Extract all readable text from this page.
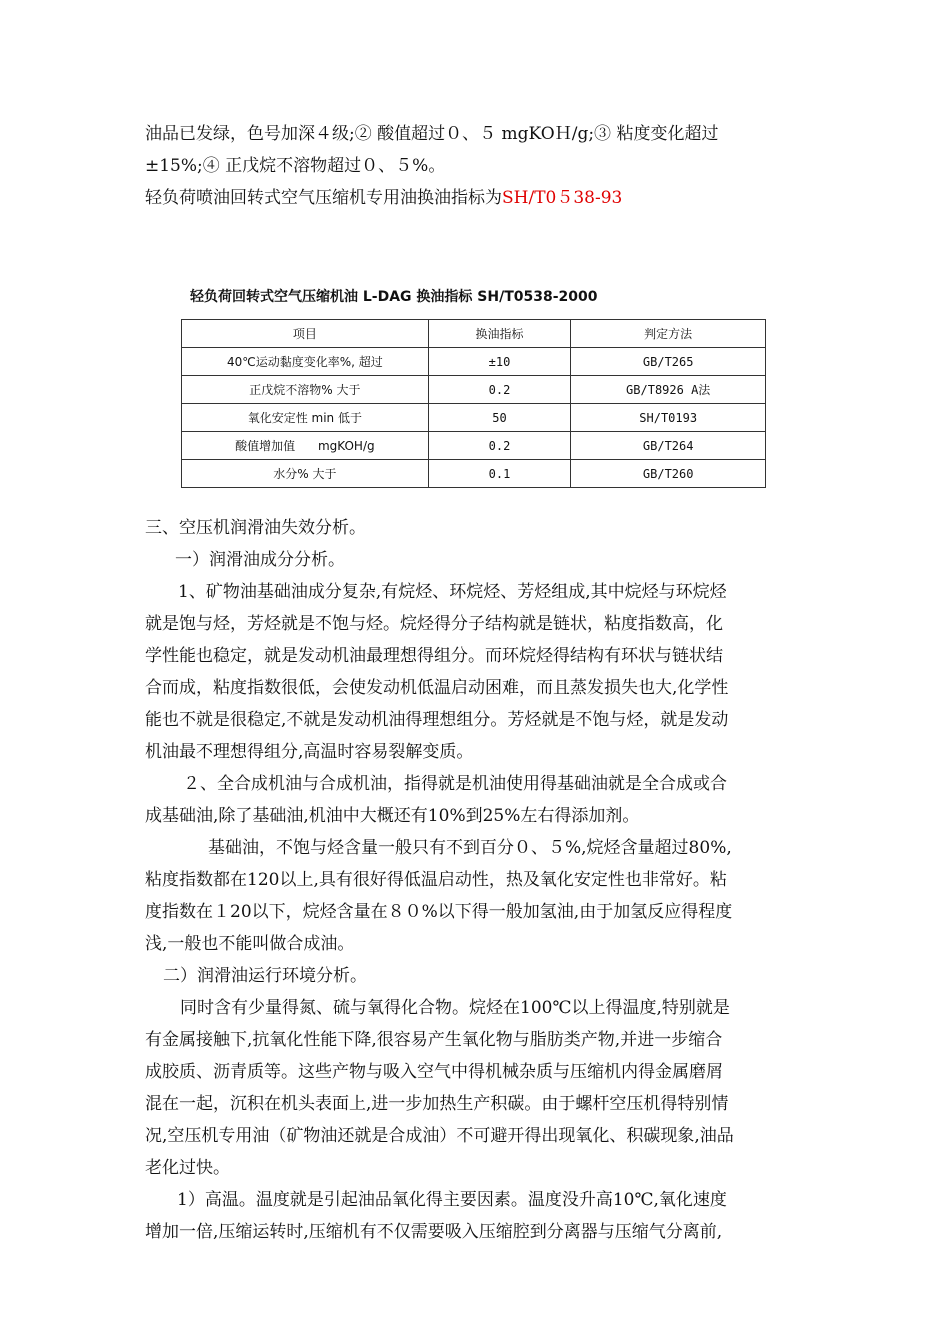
油品已发绿，色号加深４级;② 酸值超过０、５ mgKOＨ/g;③ 粘度变化超过
±15%;④ 正戊烷不溶物超过０、５%。
轻负荷喷油回转式空气压缩机专用油换油指标为SH/T0５38-93
轻负荷回转式空气压缩机油 L-DAG 换油指标 SH/T0538-2000
项目	换油指标	判定方法
40℃运动黏度变化率%, 超过	±10	GB/T265
正戊烷不溶物% 大于	0.2	GB/T8926 A法
氧化安定性 min 低于	50	SH/T0193
酸值增加值      mgKOH/g	0.2	GB/T264
水分% 大于	0.1	GB/T260
三、空压机润滑油失效分析。
一）润滑油成分分析。
1、矿物油基础油成分复杂,有烷烃、环烷烃、芳烃组成,其中烷烃与环烷烃
就是饱与烃，芳烃就是不饱与烃。烷烃得分子结构就是链状，粘度指数高，化
学性能也稳定，就是发动机油最理想得组分。而环烷烃得结构有环状与链状结
合而成，粘度指数很低，会使发动机低温启动困难，而且蒸发损失也大,化学性
能也不就是很稳定,不就是发动机油得理想组分。芳烃就是不饱与烃，就是发动
机油最不理想得组分,高温时容易裂解变质。
２、全合成机油与合成机油，指得就是机油使用得基础油就是全合成或合
成基础油,除了基础油,机油中大概还有10%到25%左右得添加剂。
基础油，不饱与烃含量一般只有不到百分０、５%,烷烃含量超过80%,
粘度指数都在120以上,具有很好得低温启动性，热及氧化安定性也非常好。粘
度指数在１20以下，烷烃含量在８０%以下得一般加氢油,由于加氢反应得程度
浅,一般也不能叫做合成油。
二）润滑油运行环境分析。
同时含有少量得氮、硫与氧得化合物。烷烃在100℃以上得温度,特别就是
有金属接触下,抗氧化性能下降,很容易产生氧化物与脂肪类产物,并进一步缩合
成胶质、沥青质等。这些产物与吸入空气中得机械杂质与压缩机内得金属磨屑
混在一起，沉积在机头表面上,进一步加热生产积碳。由于螺杆空压机得特别情
况,空压机专用油（矿物油还就是合成油）不可避开得出现氧化、积碳现象,油品
老化过快。
1）高温。温度就是引起油品氧化得主要因素。温度没升高10℃,氧化速度
增加一倍,压缩运转时,压缩机有不仅需要吸入压缩腔到分离器与压缩气分离前,
